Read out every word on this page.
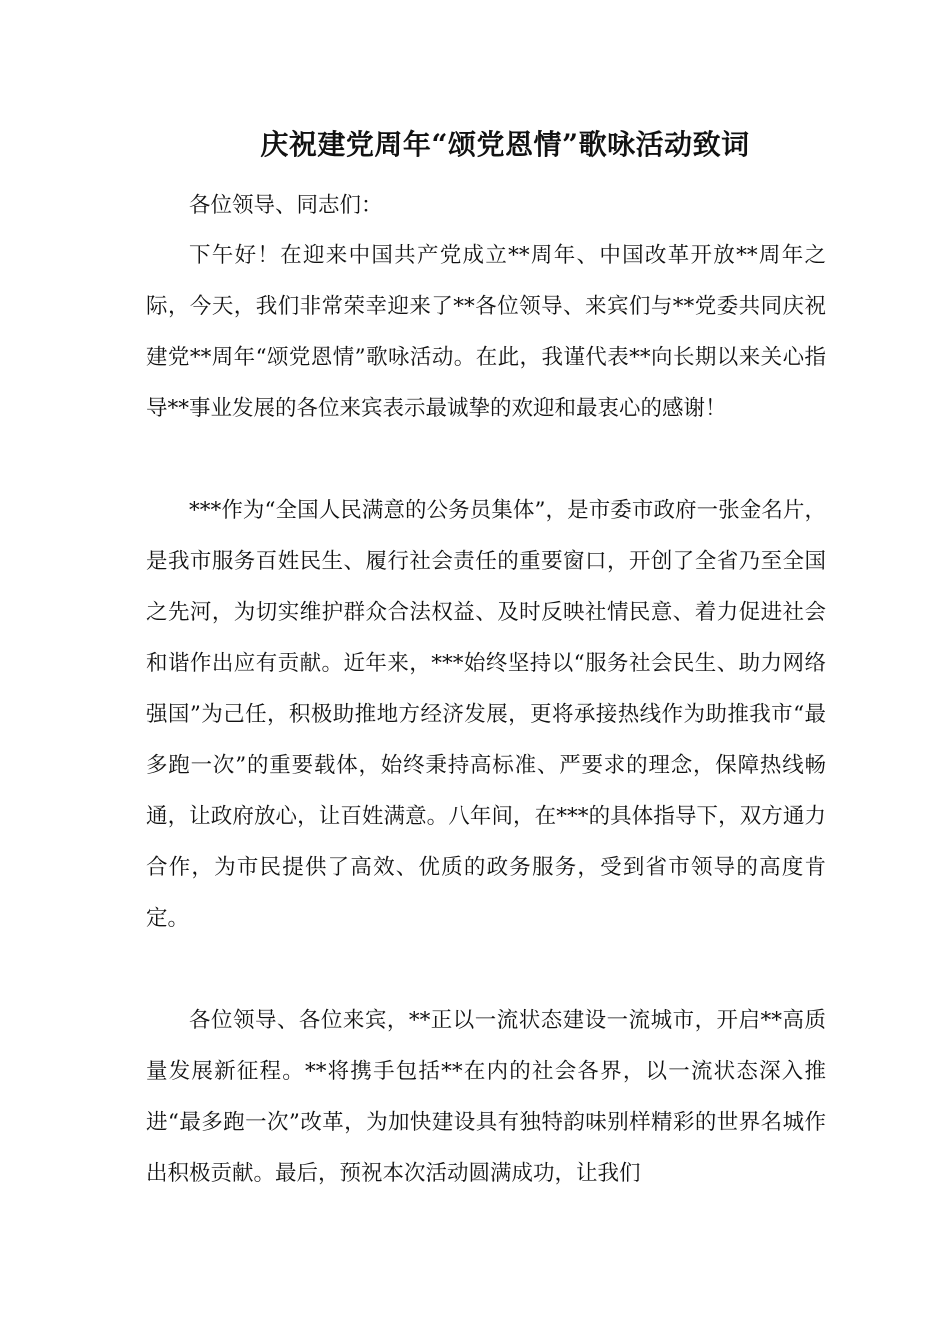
庆祝建党周年“颂党恩情”歌咏活动致词

各位领导、同志们：

下午好！在迎来中国共产党成立**周年、中国改革开放**周年之际，今天，我们非常荣幸迎来了**各位领导、来宾们与**党委共同庆祝建党**周年“颂党恩情”歌咏活动。在此，我谨代表**向长期以来关心指导**事业发展的各位来宾表示最诚挚的欢迎和最衷心的感谢！

***作为“全国人民满意的公务员集体”，是市委市政府一张金名片，是我市服务百姓民生、履行社会责任的重要窗口，开创了全省乃至全国之先河，为切实维护群众合法权益、及时反映社情民意、着力促进社会和谐作出应有贡献。近年来，***始终坚持以“服务社会民生、助力网络强国”为己任，积极助推地方经济发展，更将承接热线作为助推我市“最多跑一次”的重要载体，始终秉持高标准、严要求的理念，保障热线畅通，让政府放心，让百姓满意。八年间，在***的具体指导下，双方通力合作，为市民提供了高效、优质的政务服务，受到省市领导的高度肯定。

各位领导、各位来宾，**正以一流状态建设一流城市，开启**高质量发展新征程。**将携手包括**在内的社会各界，以一流状态深入推进“最多跑一次”改革，为加快建设具有独特韵味别样精彩的世界名城作出积极贡献。最后，预祝本次活动圆满成功，让我们
